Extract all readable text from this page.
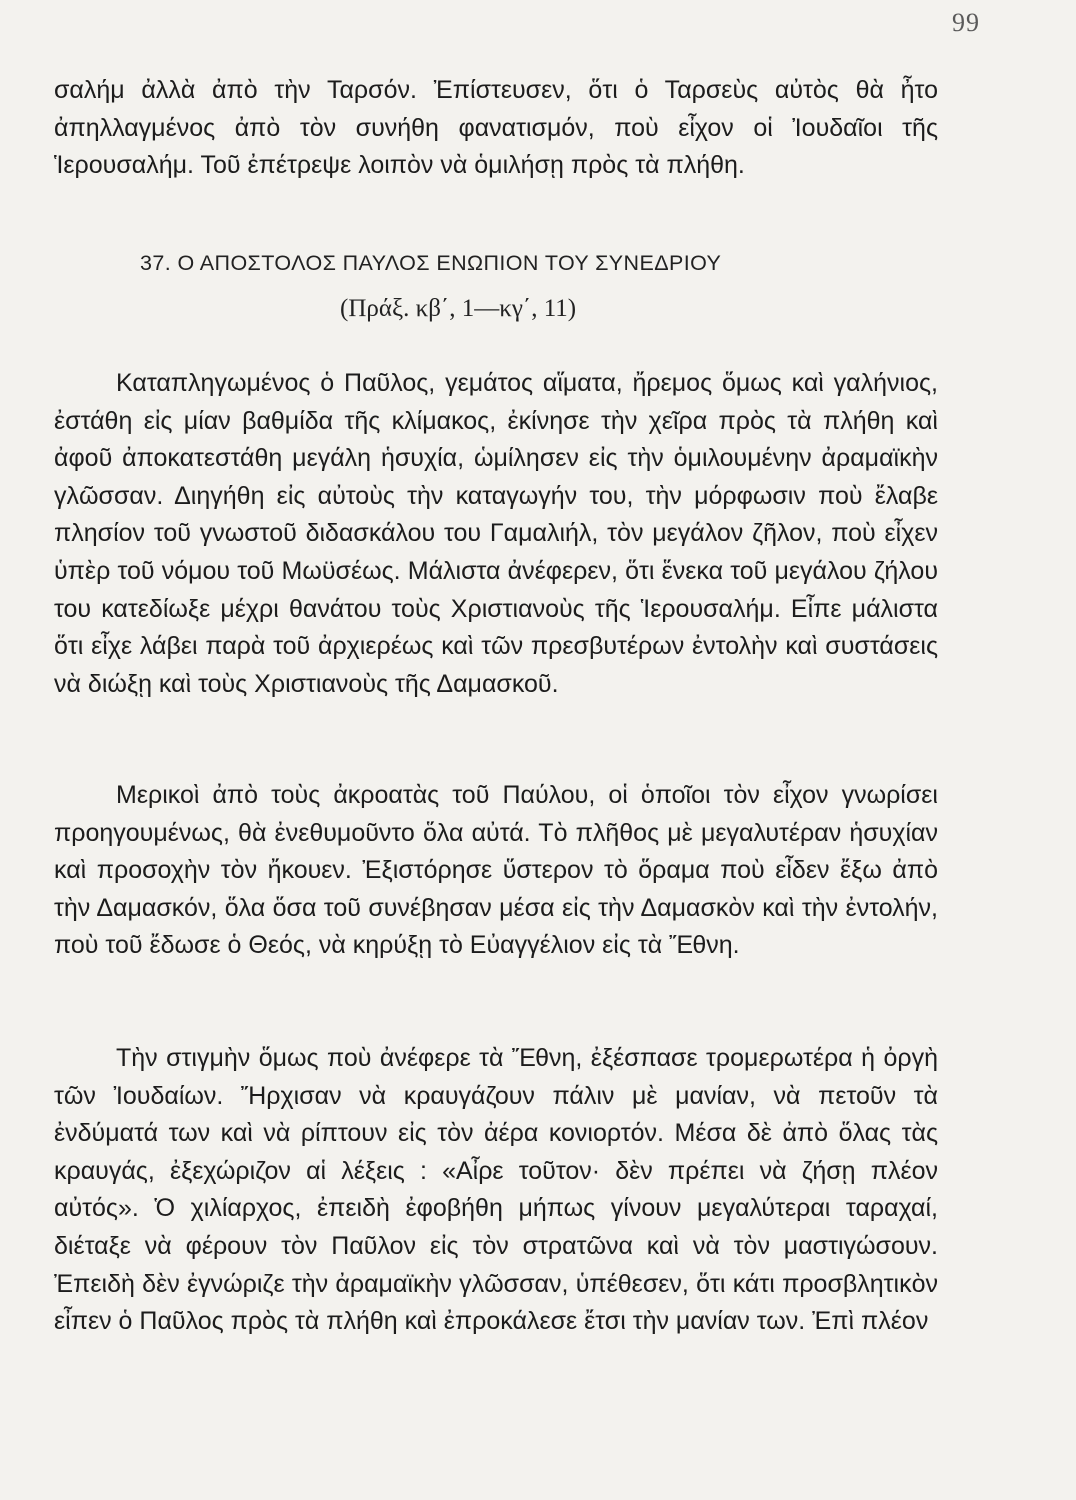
99

σαλήμ ἀλλὰ ἀπὸ τὴν Ταρσόν. Ἐπίστευσεν, ὅτι ὁ Ταρσεὺς αὐτὸς θὰ ἦτο ἀπηλλαγμένος ἀπὸ τὸν συνήθη φανατισμόν, ποὺ εἶχον οἱ Ἰουδαῖοι τῆς Ἱερουσαλήμ. Τοῦ ἐπέτρεψε λοιπὸν νὰ ὁμιλήσῃ πρὸς τὰ πλήθη.

37. Ο ΑΠΟΣΤΟΛΟΣ ΠΑΥΛΟΣ ΕΝΩΠΙΟΝ ΤΟΥ ΣΥΝΕΔΡΙΟΥ
(Πράξ. κβ΄, 1—κγ΄, 11)

Καταπληγωμένος ὁ Παῦλος, γεμάτος αἵματα, ἤρεμος ὅμως καὶ γαλήνιος, ἐστάθη εἰς μίαν βαθμίδα τῆς κλίμακος, ἐκίνησε τὴν χεῖρα πρὸς τὰ πλήθη καὶ ἀφοῦ ἀποκατεστάθη μεγάλη ἡσυχία, ὡμίλησεν εἰς τὴν ὁμιλουμένην ἀραμαϊκὴν γλῶσσαν. Διηγήθη εἰς αὐτοὺς τὴν καταγωγήν του, τὴν μόρφωσιν ποὺ ἔλαβε πλησίον τοῦ γνωστοῦ διδασκάλου του Γαμαλιήλ, τὸν μεγάλον ζῆλον, ποὺ εἶχεν ὑπὲρ τοῦ νόμου τοῦ Μωϋσέως. Μάλιστα ἀνέφερεν, ὅτι ἕνεκα τοῦ μεγάλου ζήλου του κατεδίωξε μέχρι θανάτου τοὺς Χριστιανοὺς τῆς Ἱερουσαλήμ. Εἶπε μάλιστα ὅτι εἶχε λάβει παρὰ τοῦ ἀρχιερέως καὶ τῶν πρεσβυτέρων ἐντολὴν καὶ συστάσεις νὰ διώξῃ καὶ τοὺς Χριστιανοὺς τῆς Δαμασκοῦ.

Μερικοὶ ἀπὸ τοὺς ἀκροατὰς τοῦ Παύλου, οἱ ὁποῖοι τὸν εἶχον γνωρίσει προηγουμένως, θὰ ἐνεθυμοῦντο ὅλα αὐτά. Τὸ πλῆθος μὲ μεγαλυτέραν ἡσυχίαν καὶ προσοχὴν τὸν ἤκουεν. Ἐξιστόρησε ὕστερον τὸ ὅραμα ποὺ εἶδεν ἔξω ἀπὸ τὴν Δαμασκόν, ὅλα ὅσα τοῦ συνέβησαν μέσα εἰς τὴν Δαμασκὸν καὶ τὴν ἐντολήν, ποὺ τοῦ ἔδωσε ὁ Θεός, νὰ κηρύξῃ τὸ Εὐαγγέλιον εἰς τὰ Ἔθνη.

Τὴν στιγμὴν ὅμως ποὺ ἀνέφερε τὰ Ἔθνη, ἐξέσπασε τρομερωτέρα ἡ ὀργὴ τῶν Ἰουδαίων. Ἤρχισαν νὰ κραυγάζουν πάλιν μὲ μανίαν, νὰ πετοῦν τὰ ἐνδύματά των καὶ νὰ ρίπτουν εἰς τὸν ἀέρα κονιορτόν. Μέσα δὲ ἀπὸ ὅλας τὰς κραυγάς, ἐξεχώριζον αἱ λέξεις : «Αἶρε τοῦτον· δὲν πρέπει νὰ ζήσῃ πλέον αὐτός». Ὁ χιλίαρχος, ἐπειδὴ ἐφοβήθη μήπως γίνουν μεγαλύτεραι ταραχαί, διέταξε νὰ φέρουν τὸν Παῦλον εἰς τὸν στρατῶνα καὶ νὰ τὸν μαστιγώσουν. Ἐπειδὴ δὲν ἐγνώριζε τὴν ἀραμαϊκὴν γλῶσσαν, ὑπέθεσεν, ὅτι κάτι προσβλητικὸν εἶπεν ὁ Παῦλος πρὸς τὰ πλήθη καὶ ἐπροκάλεσε ἔτσι τὴν μανίαν των. Ἐπὶ πλέον
